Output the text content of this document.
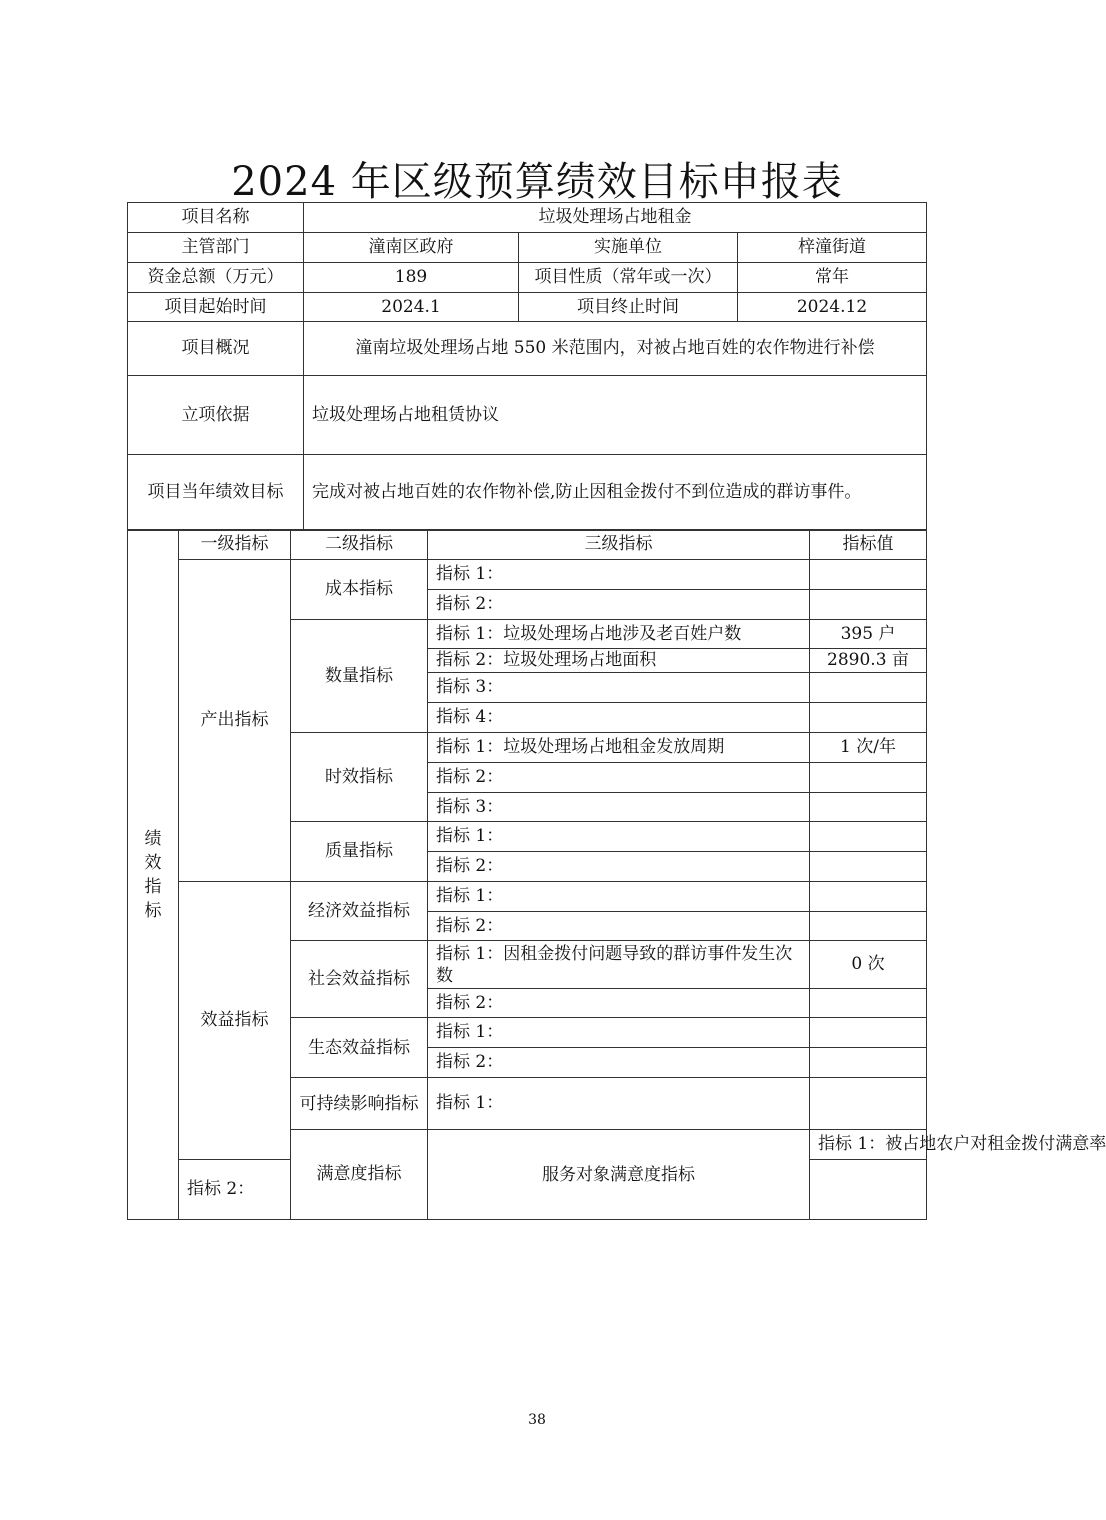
2024 年区级预算绩效目标申报表
项目名称	垃圾处理场占地租金		
主管部门	潼南区政府	实施单位	梓潼街道
资金总额（万元）	189	项目性质（常年或一次）	常年
项目起始时间	2024.1	项目终止时间	2024.12
项目概况	潼南垃圾处理场占地 550 米范围内，对被占地百姓的农作物进行补偿		
立项依据	垃圾处理场占地租赁协议		
项目当年绩效目标	完成对被占地百姓的农作物补偿,防止因租金拨付不到位造成的群访事件。		
绩效指标	一级指标	二级指标	三级指标	指标值	
	产出指标	成本指标	指标 1：		
			指标 2：		
		数量指标	指标 1：垃圾处理场占地涉及老百姓户数	395 户	
			指标 2：垃圾处理场占地面积	2890.3 亩	
			指标 3：		
			指标 4：		
		时效指标	指标 1：垃圾处理场占地租金发放周期	1 次/年	
			指标 2：		
			指标 3：		
		质量指标	指标 1：		
			指标 2：		
	效益指标	经济效益指标	指标 1：		
			指标 2：		
		社会效益指标	指标 1：因租金拨付问题导致的群访事件发生次数	0 次	
			指标 2：		
		生态效益指标	指标 1：		
			指标 2：		
		可持续影响指标	指标 1：		
		满意度指标	服务对象满意度指标	指标 1：被占地农户对租金拨付满意率	
	指标 2：				
38
